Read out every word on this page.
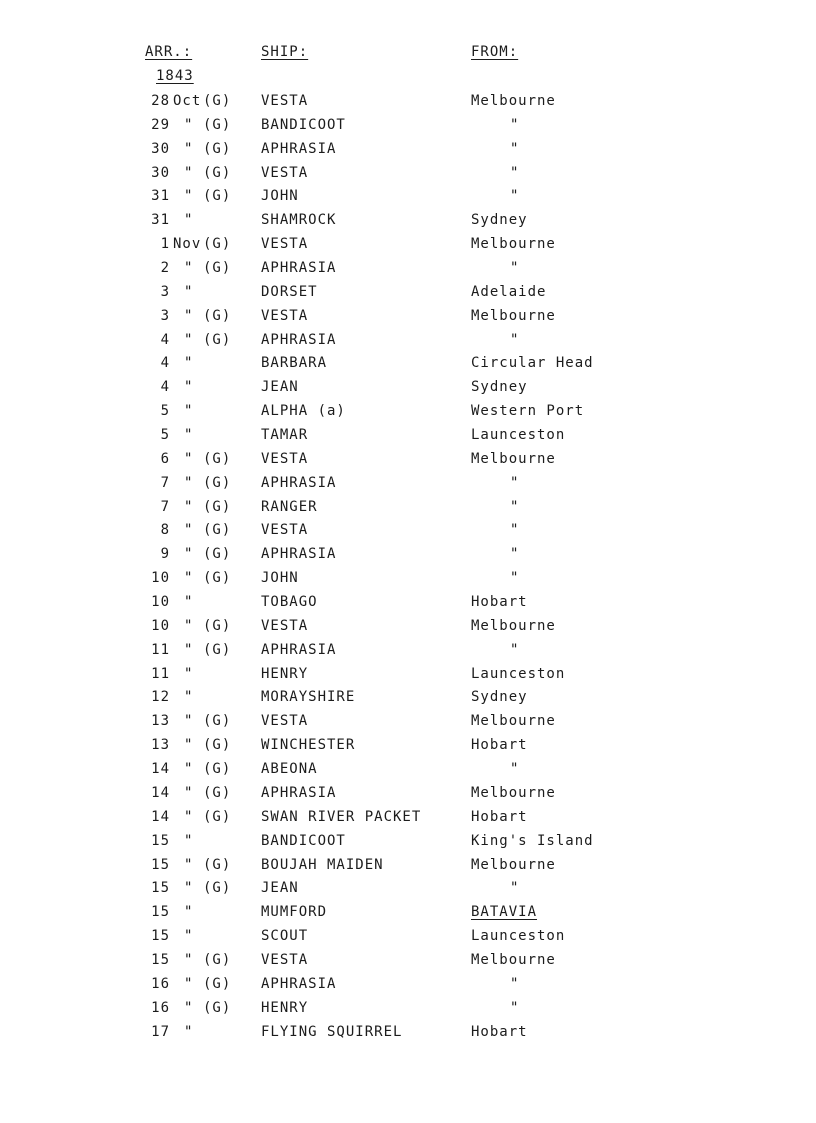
ARR.:	SHIP:	FROM:
1843
28 Oct (G) VESTA	Melbourne
29 " (G) BANDICOOT	"
30 " (G) APHRASIA	"
30 " (G) VESTA	"
31 " (G) JOHN	"
31 "	SHAMROCK	Sydney
1 Nov (G) VESTA	Melbourne
2 " (G) APHRASIA	"
3 "	DORSET	Adelaide
3 " (G) VESTA	Melbourne
4 " (G) APHRASIA	"
4 "	BARBARA	Circular Head
4 "	JEAN	Sydney
5 "	ALPHA (a)	Western Port
5 "	TAMAR	Launceston
6 " (G) VESTA	Melbourne
7 " (G) APHRASIA	"
7 " (G) RANGER	"
8 " (G) VESTA	"
9 " (G) APHRASIA	"
10 " (G) JOHN	"
10 "	TOBAGO	Hobart
10 " (G) VESTA	Melbourne
11 " (G) APHRASIA	"
11 "	HENRY	Launceston
12 "	MORAYSHIRE	Sydney
13 " (G) VESTA	Melbourne
13 " (G) WINCHESTER	Hobart
14 " (G) ABEONA	"
14 " (G) APHRASIA	Melbourne
14 " (G) SWAN RIVER PACKET	Hobart
15 "	BANDICOOT	King's Island
15 " (G) BOUJAH MAIDEN	Melbourne
15 " (G) JEAN	"
15 "	MUMFORD	BATAVIA
15 "	SCOUT	Launceston
15 " (G) VESTA	Melbourne
16 " (G) APHRASIA	"
16 " (G) HENRY	"
17 "	FLYING SQUIRREL	Hobart
